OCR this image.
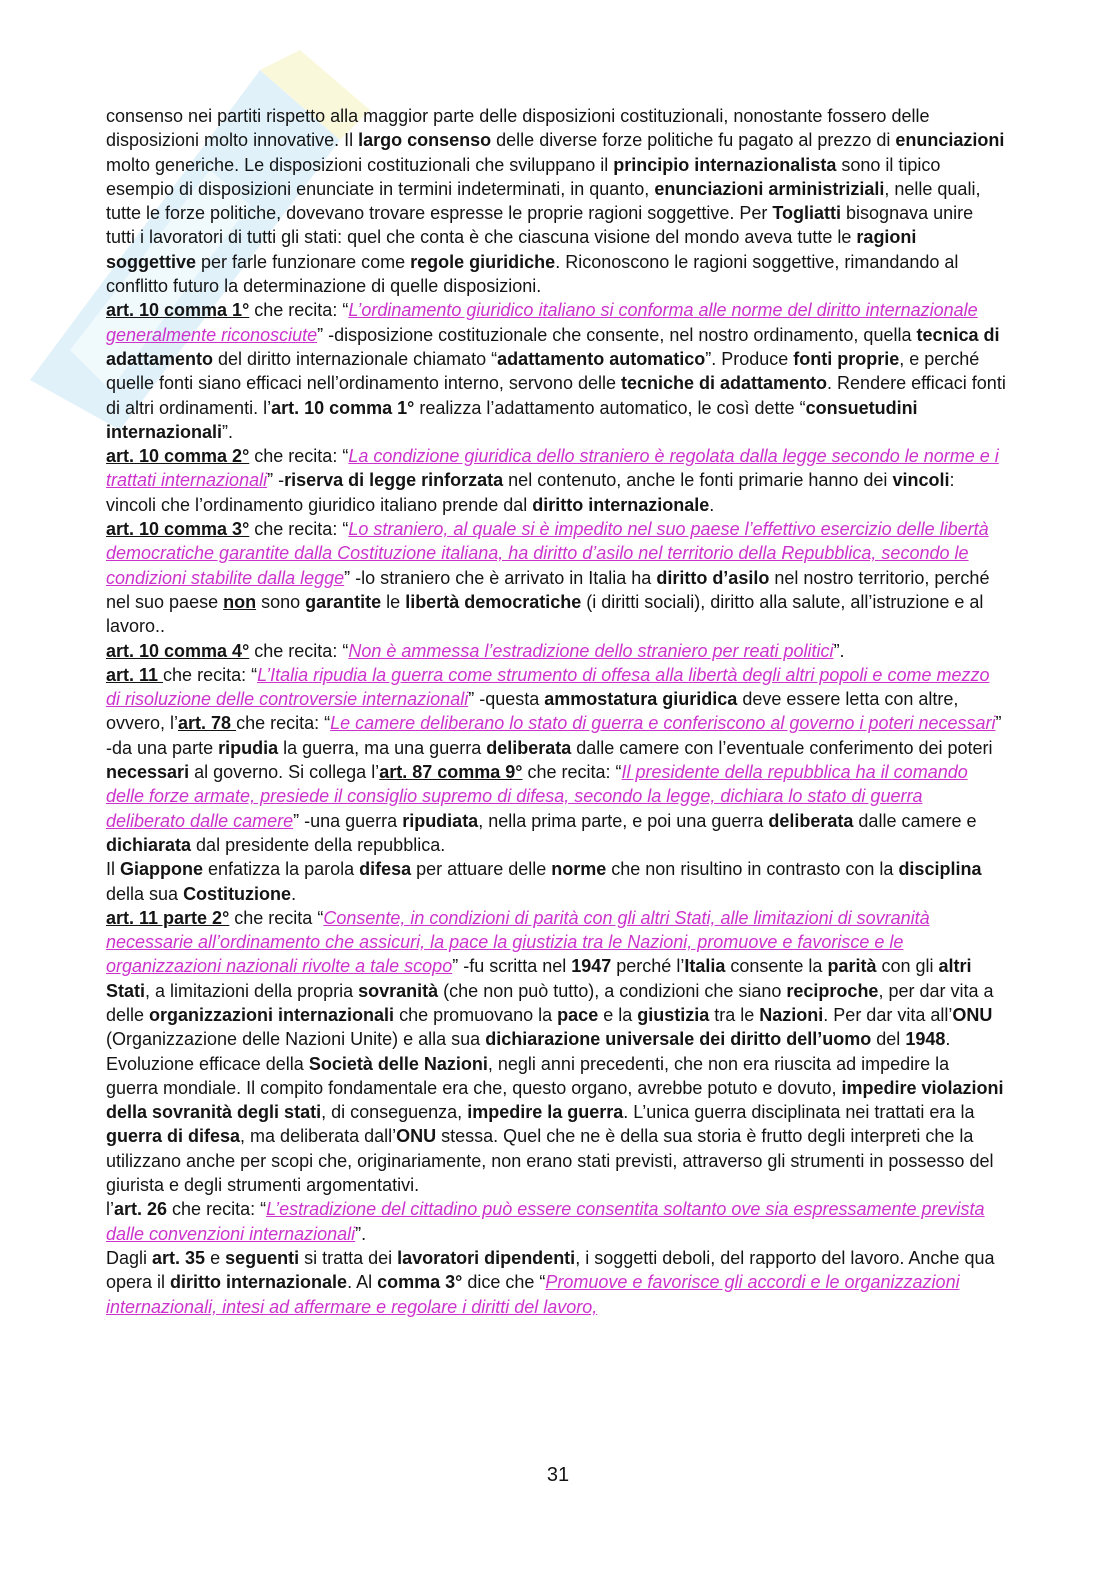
consenso nei partiti rispetto alla maggior parte delle disposizioni costituzionali, nonostante fossero delle disposizioni molto innovative. Il largo consenso delle diverse forze politiche fu pagato al prezzo di enunciazioni molto generiche. Le disposizioni costituzionali che sviluppano il principio internazionalista sono il tipico esempio di disposizioni enunciate in termini indeterminati, in quanto, enunciazioni arministriziali, nelle quali, tutte le forze politiche, dovevano trovare espresse le proprie ragioni soggettive. Per Togliatti bisognava unire tutti i lavoratori di tutti gli stati: quel che conta è che ciascuna visione del mondo aveva tutte le ragioni soggettive per farle funzionare come regole giuridiche. Riconoscono le ragioni soggettive, rimandando al conflitto futuro la determinazione di quelle disposizioni.

art. 10 comma 1° che recita: “L’ordinamento giuridico italiano si conforma alle norme del diritto internazionale generalmente riconosciute” -disposizione costituzionale che consente, nel nostro ordinamento, quella tecnica di adattamento del diritto internazionale chiamato “adattamento automatico”. Produce fonti proprie, e perché quelle fonti siano efficaci nell’ordinamento interno, servono delle tecniche di adattamento. Rendere efficaci fonti di altri ordinamenti. l’art. 10 comma 1° realizza l’adattamento automatico, le così dette “consuetudini internazionali”.

art. 10 comma 2° che recita: “La condizione giuridica dello straniero è regolata dalla legge secondo le norme e i trattati internazionali” -riserva di legge rinforzata nel contenuto, anche le fonti primarie hanno dei vincoli: vincoli che l’ordinamento giuridico italiano prende dal diritto internazionale.

art. 10 comma 3° che recita: “Lo straniero, al quale si è impedito nel suo paese l’effettivo esercizio delle libertà democratiche garantite dalla Costituzione italiana, ha diritto d’asilo nel territorio della Repubblica, secondo le condizioni stabilite dalla legge” -lo straniero che è arrivato in Italia ha diritto d’asilo nel nostro territorio, perché nel suo paese non sono garantite le libertà democratiche (i diritti sociali), diritto alla salute, all’istruzione e al lavoro..

art. 10 comma 4° che recita: “Non è ammessa l’estradizione dello straniero per reati politici”.

art. 11 che recita: “L’Italia ripudia la guerra come strumento di offesa alla libertà degli altri popoli e come mezzo di risoluzione delle controversie internazionali” -questa ammostatura giuridica deve essere letta con altre, ovvero, l’art. 78 che recita: “Le camere deliberano lo stato di guerra e conferiscono al governo i poteri necessari” -da una parte ripudia la guerra, ma una guerra deliberata dalle camere con l’eventuale conferimento dei poteri necessari al governo. Si collega l’art. 87 comma 9° che recita: “Il presidente della repubblica ha il comando delle forze armate, presiede il consiglio supremo di difesa, secondo la legge, dichiara lo stato di guerra deliberato dalle camere” -una guerra ripudiata, nella prima parte, e poi una guerra deliberata dalle camere e dichiarata dal presidente della repubblica.

Il Giappone enfatizza la parola difesa per attuare delle norme che non risultino in contrasto con la disciplina della sua Costituzione.

art. 11 parte 2° che recita “Consente, in condizioni di parità con gli altri Stati, alle limitazioni di sovranità necessarie all’ordinamento che assicuri, la pace la giustizia tra le Nazioni, promuove e favorisce e le organizzazioni nazionali rivolte a tale scopo” -fu scritta nel 1947 perché l’Italia consente la parità con gli altri Stati, a limitazioni della propria sovranità (che non può tutto), a condizioni che siano reciproche, per dar vita a delle organizzazioni internazionali che promuovano la pace e la giustizia tra le Nazioni. Per dar vita all’ONU (Organizzazione delle Nazioni Unite) e alla sua dichiarazione universale dei diritto dell’uomo del 1948. Evoluzione efficace della Società delle Nazioni, negli anni precedenti, che non era riuscita ad impedire la guerra mondiale. Il compito fondamentale era che, questo organo, avrebbe potuto e dovuto, impedire violazioni della sovranità degli stati, di conseguenza, impedire la guerra. L’unica guerra disciplinata nei trattati era la guerra di difesa, ma deliberata dall’ONU stessa. Quel che ne è della sua storia è frutto degli interpreti che la utilizzano anche per scopi che, originariamente, non erano stati previsti, attraverso gli strumenti in possesso del giurista e degli strumenti argomentativi.

l’art. 26 che recita: “L’estradizione del cittadino può essere consentita soltanto ove sia espressamente prevista dalle convenzioni internazionali”.

Dagli art. 35 e seguenti si tratta dei lavoratori dipendenti, i soggetti deboli, del rapporto del lavoro. Anche qua opera il diritto internazionale. Al comma 3° dice che “Promuove e favorisce gli accordi e le organizzazioni internazionali, intesi ad affermare e regolare i diritti del lavoro,

31
